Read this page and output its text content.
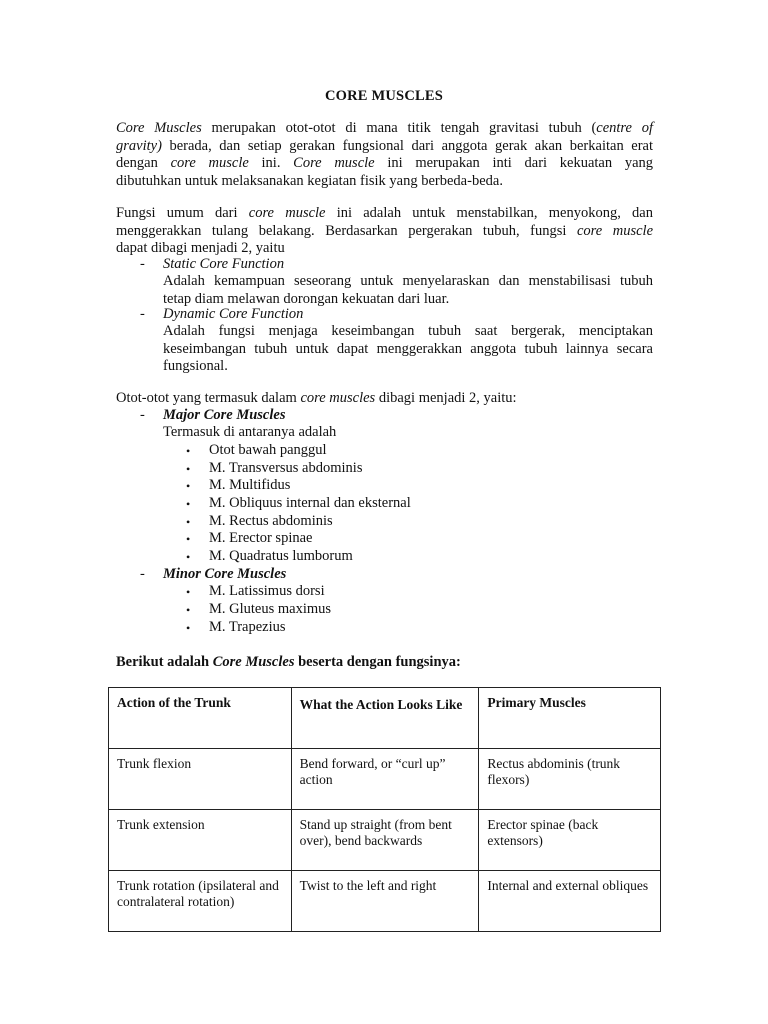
CORE MUSCLES
Core Muscles merupakan otot-otot di mana titik tengah gravitasi tubuh (centre of
gravity) berada, dan setiap gerakan fungsional dari anggota gerak akan berkaitan erat
dengan core muscle ini. Core muscle ini merupakan inti dari kekuatan yang
dibutuhkan untuk melaksanakan kegiatan fisik yang berbeda-beda.
Fungsi umum dari core muscle ini adalah untuk menstabilkan, menyokong, dan
menggerakkan tulang belakang. Berdasarkan pergerakan tubuh, fungsi core muscle
dapat dibagi menjadi 2, yaitu
- Static Core Function
Adalah kemampuan seseorang untuk menyelaraskan dan menstabilisasi tubuh
tetap diam melawan dorongan kekuatan dari luar.
- Dynamic Core Function
Adalah fungsi menjaga keseimbangan tubuh saat bergerak, menciptakan
keseimbangan tubuh untuk dapat menggerakkan anggota tubuh lainnya secara
fungsional.
Otot-otot yang termasuk dalam core muscles dibagi menjadi 2, yaitu:
- Major Core Muscles
Termasuk di antaranya adalah
• Otot bawah panggul
• M. Transversus abdominis
• M. Multifidus
• M. Obliquus internal dan eksternal
• M. Rectus abdominis
• M. Erector spinae
• M. Quadratus lumborum
- Minor Core Muscles
• M. Latissimus dorsi
• M. Gluteus maximus
• M. Trapezius
Berikut adalah Core Muscles beserta dengan fungsinya:
Action of the Trunk	What the Action Looks Like	Primary Muscles
Trunk flexion	Bend forward, or “curl up” action	Rectus abdominis (trunk flexors)
Trunk extension	Stand up straight (from bent over), bend backwards	Erector spinae (back extensors)
Trunk rotation (ipsilateral and contralateral rotation)	Twist to the left and right	Internal and external obliques
